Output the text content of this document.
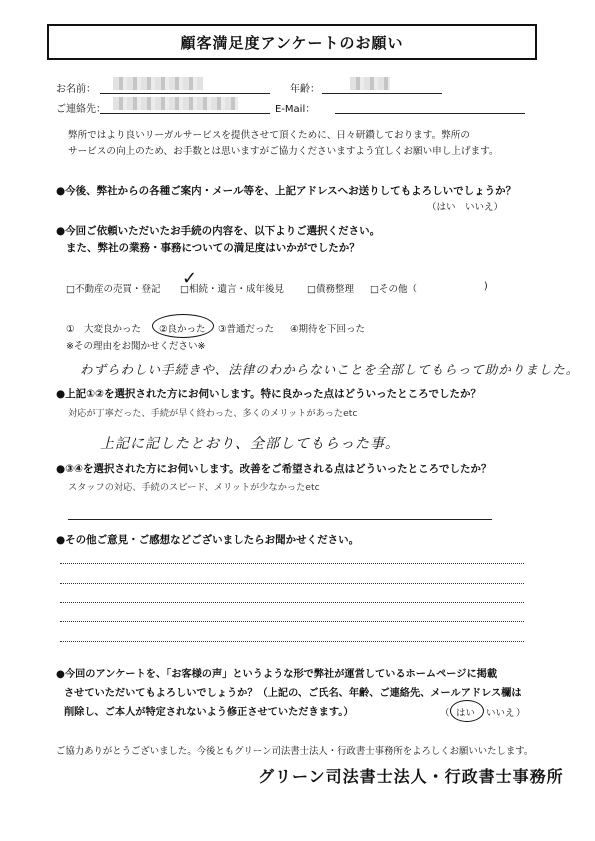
顧客満足度アンケートのお願い
お名前：	年齢：
ご連絡先：	E-Mail：
弊所ではより良いリーガルサービスを提供させて頂くために、日々研鑽しております。弊所の
サービスの向上のため、お手数とは思いますがご協力くださいますよう宜しくお願い申し上げます。
●今後、弊社からの各種ご案内・メール等を、上記アドレスへお送りしてもよろしいでしょうか？
（はい　いいえ）
●今回ご依頼いただいたお手続の内容を、以下よりご選択ください。
また、弊社の業務・事務についての満足度はいかがでしたか？
□不動産の売買・登記 □相続・遺言・成年後見
✓
□債務整理 □その他（	)
①　大変良かった ②良かった ③普通だった ④期待を下回った
※その理由をお聞かせください※
わずらわしい手続きや、法律のわからないことを全部してもらって助かりました。
●上記①②を選択された方にお伺いします。特に良かった点はどういったところでしたか？
対応が丁寧だった、手続が早く終わった、多くのメリットがあったetc
上記に記したとおり、全部してもらった事。
●③④を選択された方にお伺いします。改善をご希望される点はどういったところでしたか？
スタッフの対応、手続のスピード、メリットが少なかったetc
●その他ご意見・ご感想などございましたらお聞かせください。
●今回のアンケートを、「お客様の声」というような形で弊社が運営しているホームページに掲載
させていただいてもよろしいでしょうか？（上記の、ご氏名、年齢、ご連絡先、メールアドレス欄は
削除し、ご本人が特定されないよう修正させていただきます。）	（ はい いいえ ）
ご協力ありがとうございました。今後ともグリーン司法書士法人・行政書士事務所をよろしくお願いいたします。
グリーン司法書士法人・行政書士事務所
